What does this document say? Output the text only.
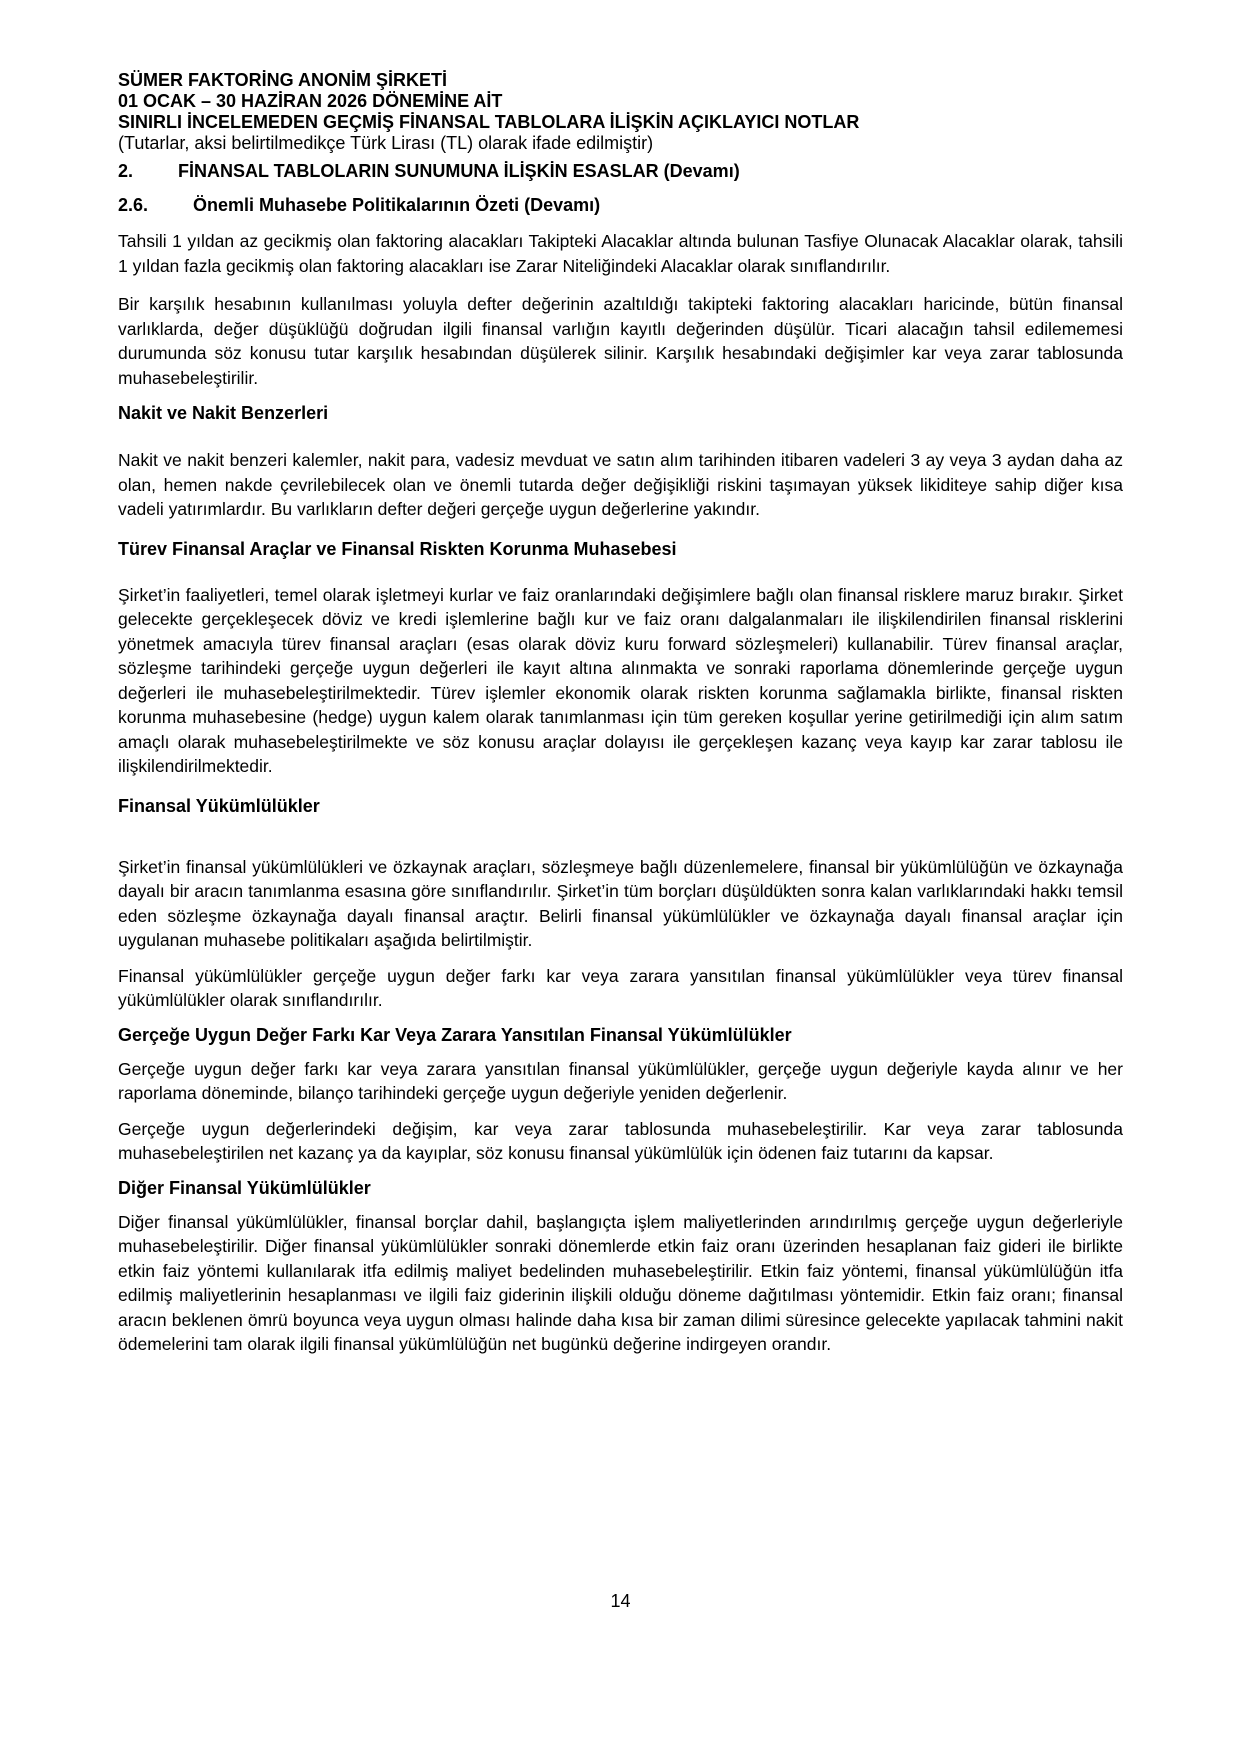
SÜMER FAKTORİNG ANONİM ŞİRKETİ
01 OCAK – 30 HAZİRAN 2026 DÖNEMİNE AİT
SINIRLI İNCELEMEDEN GEÇMİŞ FİNANSAL TABLOLARA İLİŞKİN AÇIKLAYICI NOTLAR
(Tutarlar, aksi belirtilmedikçe Türk Lirası (TL) olarak ifade edilmiştir)
2.	FİNANSAL TABLOLARIN SUNUMUNA İLİŞKİN ESASLAR (Devamı)
2.6.	Önemli Muhasebe Politikalarının Özeti (Devamı)

Tahsili 1 yıldan az gecikmiş olan faktoring alacakları Takipteki Alacaklar altında bulunan Tasfiye Olunacak Alacaklar olarak, tahsili 1 yıldan fazla gecikmiş olan faktoring alacakları ise Zarar Niteliğindeki Alacaklar olarak sınıflandırılır.

Bir karşılık hesabının kullanılması yoluyla defter değerinin azaltıldığı takipteki faktoring alacakları haricinde, bütün finansal varlıklarda, değer düşüklüğü doğrudan ilgili finansal varlığın kayıtlı değerinden düşülür. Ticari alacağın tahsil edilememesi durumunda söz konusu tutar karşılık hesabından düşülerek silinir. Karşılık hesabındaki değişimler kar veya zarar tablosunda muhasebeleştirilir.

Nakit ve Nakit Benzerleri

Nakit ve nakit benzeri kalemler, nakit para, vadesiz mevduat ve satın alım tarihinden itibaren vadeleri 3 ay veya 3 aydan daha az olan, hemen nakde çevrilebilecek olan ve önemli tutarda değer değişikliği riskini taşımayan yüksek likiditeye sahip diğer kısa vadeli yatırımlardır. Bu varlıkların defter değeri gerçeğe uygun değerlerine yakındır.

Türev Finansal Araçlar ve Finansal Riskten Korunma Muhasebesi

Şirket’in faaliyetleri, temel olarak işletmeyi kurlar ve faiz oranlarındaki değişimlere bağlı olan finansal risklere maruz bırakır. Şirket gelecekte gerçekleşecek döviz ve kredi işlemlerine bağlı kur ve faiz oranı dalgalanmaları ile ilişkilendirilen finansal risklerini yönetmek amacıyla türev finansal araçları (esas olarak döviz kuru forward sözleşmeleri) kullanabilir. Türev finansal araçlar, sözleşme tarihindeki gerçeğe uygun değerleri ile kayıt altına alınmakta ve sonraki raporlama dönemlerinde gerçeğe uygun değerleri ile muhasebeleştirilmektedir. Türev işlemler ekonomik olarak riskten korunma sağlamakla birlikte, finansal riskten korunma muhasebesine (hedge) uygun kalem olarak tanımlanması için tüm gereken koşullar yerine getirilmediği için alım satım amaçlı olarak muhasebeleştirilmekte ve söz konusu araçlar dolayısı ile gerçekleşen kazanç veya kayıp kar zarar tablosu ile ilişkilendirilmektedir.

Finansal Yükümlülükler

Şirket’in finansal yükümlülükleri ve özkaynak araçları, sözleşmeye bağlı düzenlemelere, finansal bir yükümlülüğün ve özkaynağa dayalı bir aracın tanımlanma esasına göre sınıflandırılır. Şirket’in tüm borçları düşüldükten sonra kalan varlıklarındaki hakkı temsil eden sözleşme özkaynağa dayalı finansal araçtır. Belirli finansal yükümlülükler ve özkaynağa dayalı finansal araçlar için uygulanan muhasebe politikaları aşağıda belirtilmiştir.

Finansal yükümlülükler gerçeğe uygun değer farkı kar veya zarara yansıtılan finansal yükümlülükler veya türev finansal yükümlülükler olarak sınıflandırılır.

Gerçeğe Uygun Değer Farkı Kar Veya Zarara Yansıtılan Finansal Yükümlülükler

Gerçeğe uygun değer farkı kar veya zarara yansıtılan finansal yükümlülükler, gerçeğe uygun değeriyle kayda alınır ve her raporlama döneminde, bilanço tarihindeki gerçeğe uygun değeriyle yeniden değerlenir.

Gerçeğe uygun değerlerindeki değişim, kar veya zarar tablosunda muhasebeleştirilir. Kar veya zarar tablosunda muhasebeleştirilen net kazanç ya da kayıplar, söz konusu finansal yükümlülük için ödenen faiz tutarını da kapsar.

Diğer Finansal Yükümlülükler

Diğer finansal yükümlülükler, finansal borçlar dahil, başlangıçta işlem maliyetlerinden arındırılmış gerçeğe uygun değerleriyle muhasebeleştirilir. Diğer finansal yükümlülükler sonraki dönemlerde etkin faiz oranı üzerinden hesaplanan faiz gideri ile birlikte etkin faiz yöntemi kullanılarak itfa edilmiş maliyet bedelinden muhasebeleştirilir. Etkin faiz yöntemi, finansal yükümlülüğün itfa edilmiş maliyetlerinin hesaplanması ve ilgili faiz giderinin ilişkili olduğu döneme dağıtılması yöntemidir. Etkin faiz oranı; finansal aracın beklenen ömrü boyunca veya uygun olması halinde daha kısa bir zaman dilimi süresince gelecekte yapılacak tahmini nakit ödemelerini tam olarak ilgili finansal yükümlülüğün net bugünkü değerine indirgeyen orandır.

14
